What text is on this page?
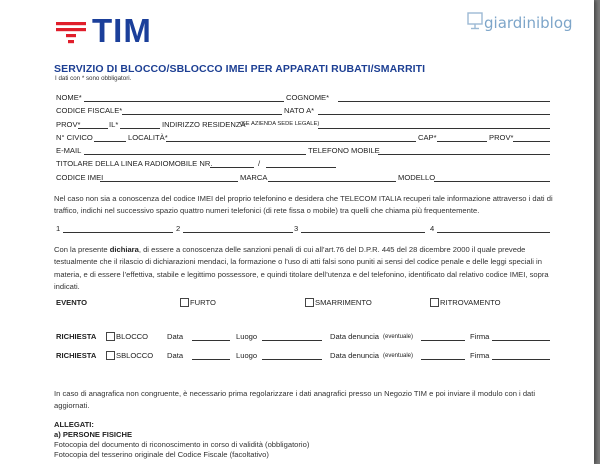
TIM	giardiniblog
SERVIZIO DI BLOCCO/SBLOCCO IMEI PER APPARATI RUBATI/SMARRITI
I dati con * sono obbligatori.
NOME*	COGNOME*
CODICE FISCALE*	NATO A*
PROV*	IL*	INDIRIZZO RESIDENZA
(SE AZIENDA SEDE LEGALE)
N° CIVICO	LOCALITÀ*	CAP*	PROV*
E-MAIL	TELEFONO MOBILE
TITOLARE DELLA LINEA RADIOMOBILE NR.	/
CODICE IMEI	MARCA	MODELLO
Nel caso non sia a conoscenza del codice IMEI del proprio telefonino e desidera che TELECOM ITALIA recuperi tale informazione attraverso i dati di traffico, indichi nel successivo spazio quattro numeri telefonici (di rete fissa o mobile) tra quelli che chiama più frequentemente.
1	2	3	4
Con la presente dichiara, di essere a conoscenza delle sanzioni penali di cui all’art.76 del D.P.R. 445 del 28 dicembre 2000 il quale prevede testualmente che il rilascio di dichiarazioni mendaci, la formazione o l’uso di atti falsi sono puniti ai sensi del codice penale e delle leggi speciali in materia, e di essere l’effettiva, stabile e legittimo possessore, e quindi titolare dell’utenza e del telefonino, identificato dal relativo codice IMEI, sopra indicati.
EVENTO	FURTO	SMARRIMENTO	RITROVAMENTO
RICHIESTA	BLOCCO Data	Luogo	Data denuncia (eventuale)	Firma
RICHIESTA	SBLOCCO Data	Luogo	Data denuncia (eventuale)	Firma
In caso di anagrafica non congruente, è necessario prima regolarizzare i dati anagrafici presso un Negozio TIM e poi inviare il modulo con i dati aggiornati.
ALLEGATI:
a) PERSONE FISICHE
Fotocopia del documento di riconoscimento in corso di validità (obbligatorio)
Fotocopia del tesserino originale del Codice Fiscale (facoltativo)
